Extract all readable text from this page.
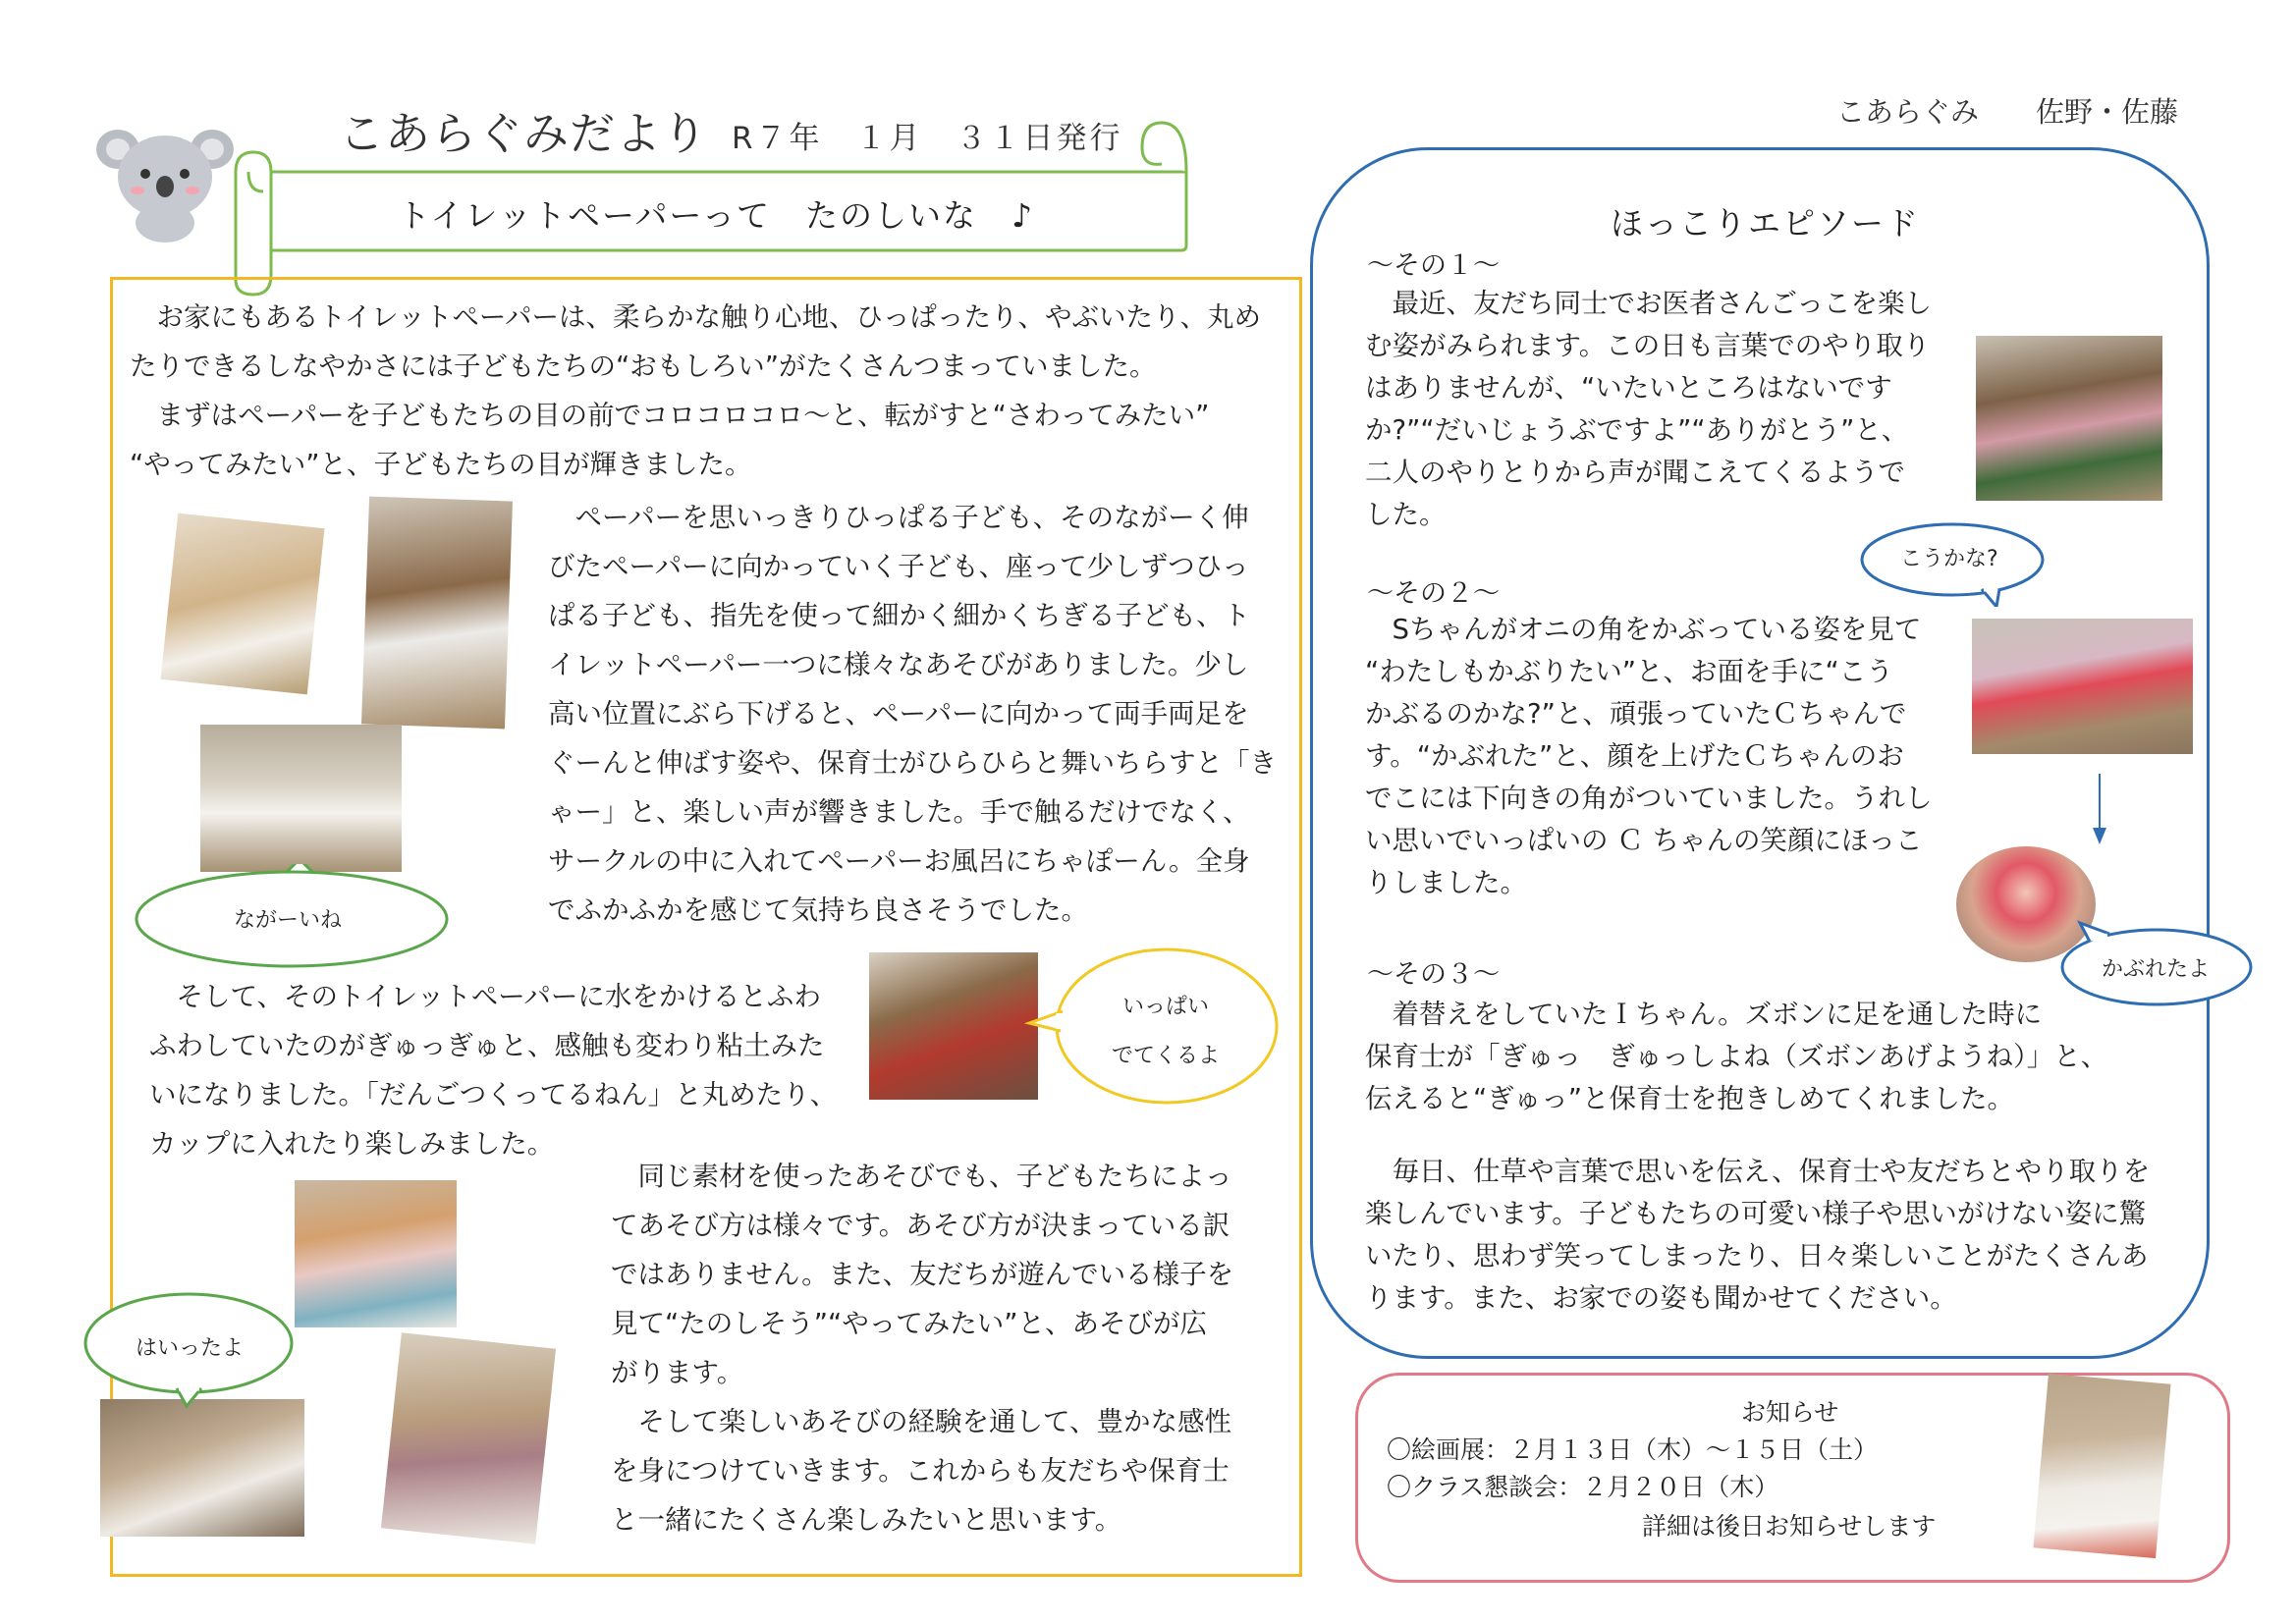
こあらぐみだより R７年　１月　３１日発行
こあらぐみ　　佐野・佐藤
トイレットペーパーって　たのしいな　♪
　お家にもあるトイレットペーパーは、柔らかな触り心地、ひっぱったり、やぶいたり、丸め
たりできるしなやかさには子どもたちの“おもしろい”がたくさんつまっていました。
　まずはペーパーを子どもたちの目の前でコロコロコロ～と、転がすと“さわってみたい”
“やってみたい”と、子どもたちの目が輝きました。
　ペーパーを思いっきりひっぱる子ども、そのながーく伸
びたペーパーに向かっていく子ども、座って少しずつひっ
ぱる子ども、指先を使って細かく細かくちぎる子ども、ト
イレットペーパー一つに様々なあそびがありました。少し
高い位置にぶら下げると、ペーパーに向かって両手両足を
ぐーんと伸ばす姿や、保育士がひらひらと舞いちらすと「き
ゃー」と、楽しい声が響きました。手で触るだけでなく、
サークルの中に入れてペーパーお風呂にちゃぽーん。全身
でふかふかを感じて気持ち良さそうでした。
　そして、そのトイレットペーパーに水をかけるとふわ
ふわしていたのがぎゅっぎゅと、感触も変わり粘土みた
いになりました。「だんごつくってるねん」と丸めたり、
カップに入れたり楽しみました。
　同じ素材を使ったあそびでも、子どもたちによっ
てあそび方は様々です。あそび方が決まっている訳
ではありません。また、友だちが遊んでいる様子を
見て“たのしそう”“やってみたい”と、あそびが広
がります。
　そして楽しいあそびの経験を通して、豊かな感性
を身につけていきます。これからも友だちや保育士
と一緒にたくさん楽しみたいと思います。
ながーいね
いっぱい
でてくるよ
はいったよ
ほっこりエピソード
～その１～
　最近、友だち同士でお医者さんごっこを楽し
む姿がみられます。この日も言葉でのやり取り
はありませんが、“いたいところはないです
か?”“だいじょうぶですよ”“ありがとう”と、
二人のやりとりから声が聞こえてくるようで
した。
こうかな?
～その２～
　Sちゃんがオニの角をかぶっている姿を見て
“わたしもかぶりたい”と、お面を手に“こう
かぶるのかな?”と、頑張っていたＣちゃんで
す。“かぶれた”と、顔を上げたＣちゃんのお
でこには下向きの角がついていました。うれし
い思いでいっぱいの Ｃ ちゃんの笑顔にほっこ
りしました。
かぶれたよ
～その３～
　着替えをしていたＩちゃん。ズボンに足を通した時に
保育士が「ぎゅっ　ぎゅっしよね（ズボンあげようね）」と、
伝えると“ぎゅっ”と保育士を抱きしめてくれました。
　毎日、仕草や言葉で思いを伝え、保育士や友だちとやり取りを
楽しんでいます。子どもたちの可愛い様子や思いがけない姿に驚
いたり、思わず笑ってしまったり、日々楽しいことがたくさんあ
ります。また、お家での姿も聞かせてください。
お知らせ
〇絵画展：２月１３日（木）～１５日（土）
〇クラス懇談会：２月２０日（木）
詳細は後日お知らせします
